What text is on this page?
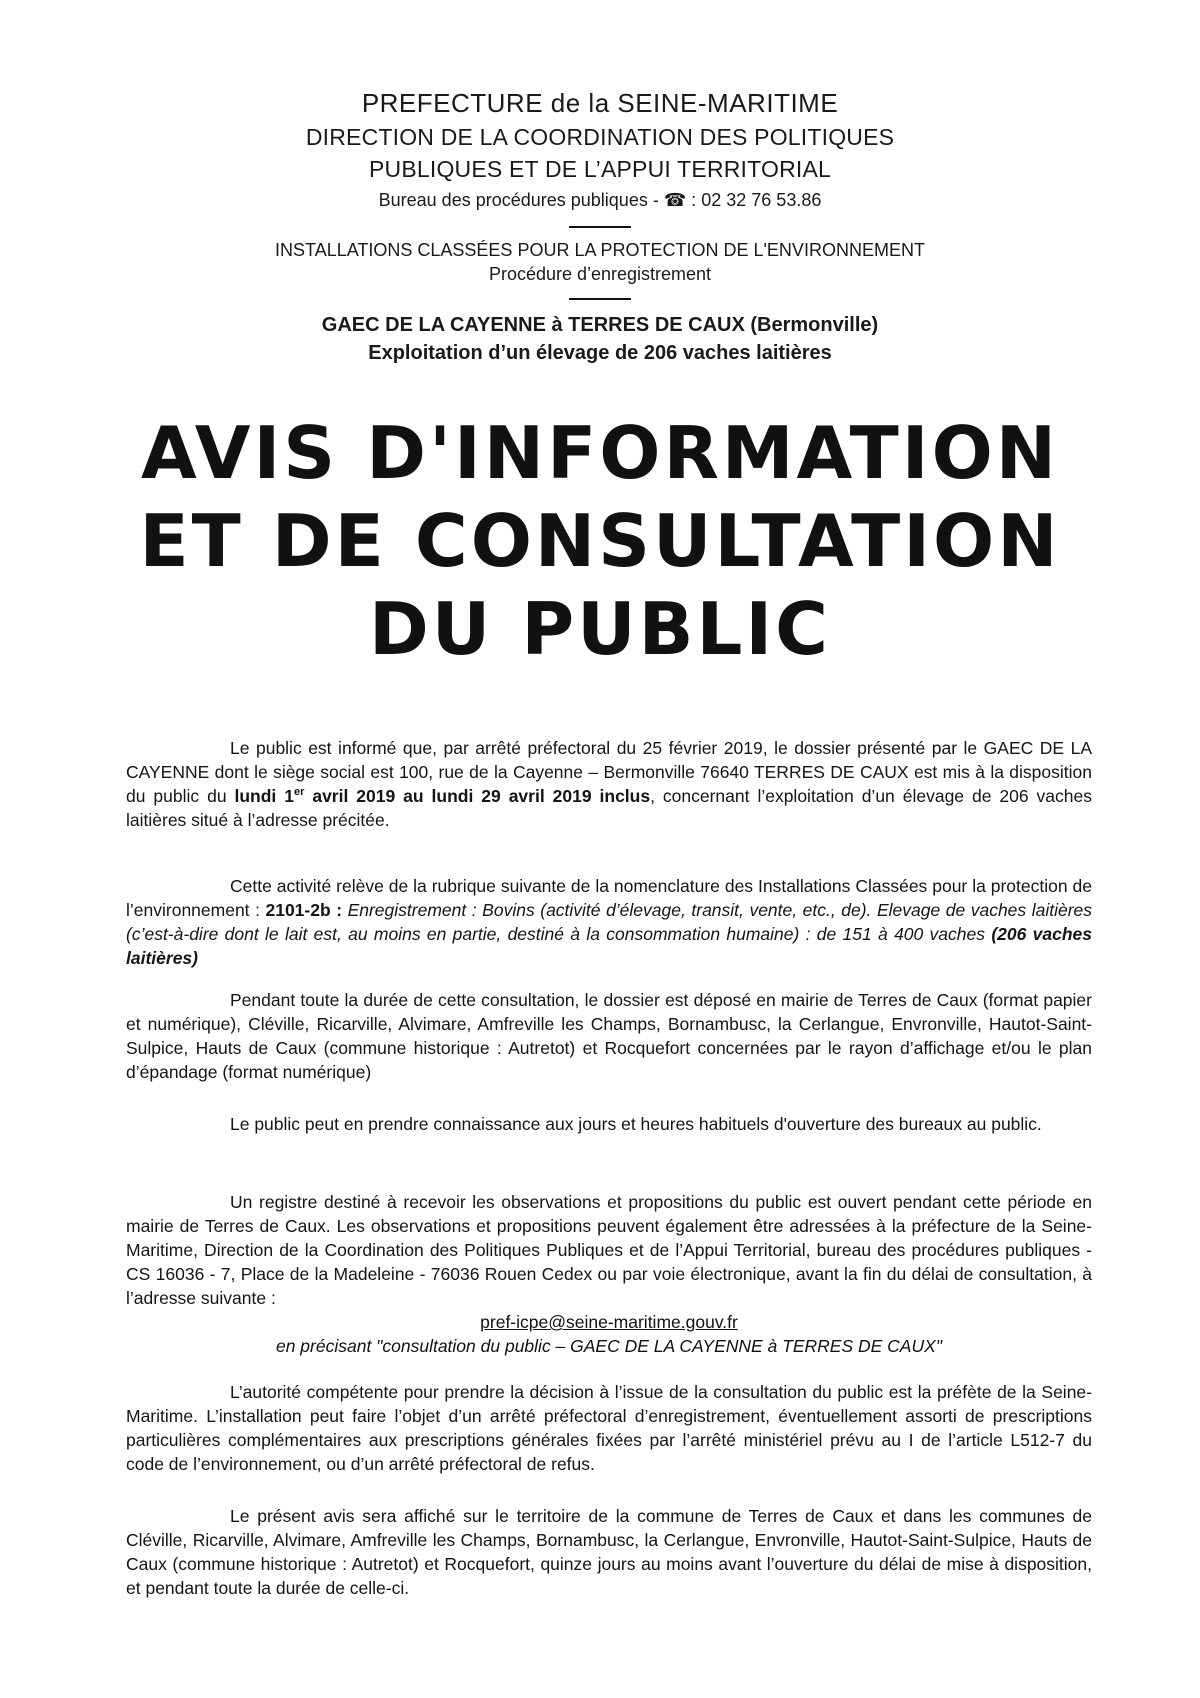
PREFECTURE de la SEINE-MARITIME
DIRECTION DE LA COORDINATION DES POLITIQUES
PUBLIQUES ET DE L’APPUI TERRITORIAL
Bureau des procédures publiques - ☎ : 02 32 76 53.86
INSTALLATIONS CLASSÉES POUR LA PROTECTION DE L'ENVIRONNEMENT
Procédure d’enregistrement
GAEC DE LA CAYENNE à TERRES DE CAUX (Bermonville)
Exploitation d’un élevage de 206 vaches laitières
AVIS D'INFORMATION
ET DE CONSULTATION
DU PUBLIC
Le public est informé que, par arrêté préfectoral du 25 février 2019, le dossier présenté par le GAEC DE LA CAYENNE dont le siège social est 100, rue de la Cayenne – Bermonville 76640 TERRES DE CAUX est mis à la disposition du public du lundi 1er avril 2019 au lundi 29 avril 2019 inclus, concernant l’exploitation d’un élevage de 206 vaches laitières situé à l’adresse précitée.
Cette activité relève de la rubrique suivante de la nomenclature des Installations Classées pour la protection de l’environnement : 2101-2b : Enregistrement : Bovins (activité d’élevage, transit, vente, etc., de). Elevage de vaches laitières (c’est-à-dire dont le lait est, au moins en partie, destiné à la consommation humaine) : de 151 à 400 vaches (206 vaches laitières)
Pendant toute la durée de cette consultation, le dossier est déposé en mairie de Terres de Caux (format papier et numérique), Cléville, Ricarville, Alvimare, Amfreville les Champs, Bornambusc, la Cerlangue, Envronville, Hautot-Saint-Sulpice, Hauts de Caux (commune historique : Autretot) et Rocquefort concernées par le rayon d’affichage et/ou le plan d’épandage (format numérique)
Le public peut en prendre connaissance aux jours et heures habituels d'ouverture des bureaux au public.
Un registre destiné à recevoir les observations et propositions du public est ouvert pendant cette période en mairie de Terres de Caux. Les observations et propositions peuvent également être adressées à la préfecture de la Seine-Maritime, Direction de la Coordination des Politiques Publiques et de l’Appui Territorial, bureau des procédures publiques - CS 16036 - 7, Place de la Madeleine - 76036 Rouen Cedex ou par voie électronique, avant la fin du délai de consultation, à l’adresse suivante :
pref-icpe@seine-maritime.gouv.fr
en précisant "consultation du public – GAEC DE LA CAYENNE à TERRES DE CAUX"
L’autorité compétente pour prendre la décision à l’issue de la consultation du public est la préfète de la Seine-Maritime. L’installation peut faire l’objet d’un arrêté préfectoral d’enregistrement, éventuellement assorti de prescriptions particulières complémentaires aux prescriptions générales fixées par l’arrêté ministériel prévu au I de l’article L512-7 du code de l’environnement, ou d’un arrêté préfectoral de refus.
Le présent avis sera affiché sur le territoire de la commune de Terres de Caux et dans les communes de Cléville, Ricarville, Alvimare, Amfreville les Champs, Bornambusc, la Cerlangue, Envronville, Hautot-Saint-Sulpice, Hauts de Caux (commune historique : Autretot) et Rocquefort, quinze jours au moins avant l’ouverture du délai de mise à disposition, et pendant toute la durée de celle-ci.
